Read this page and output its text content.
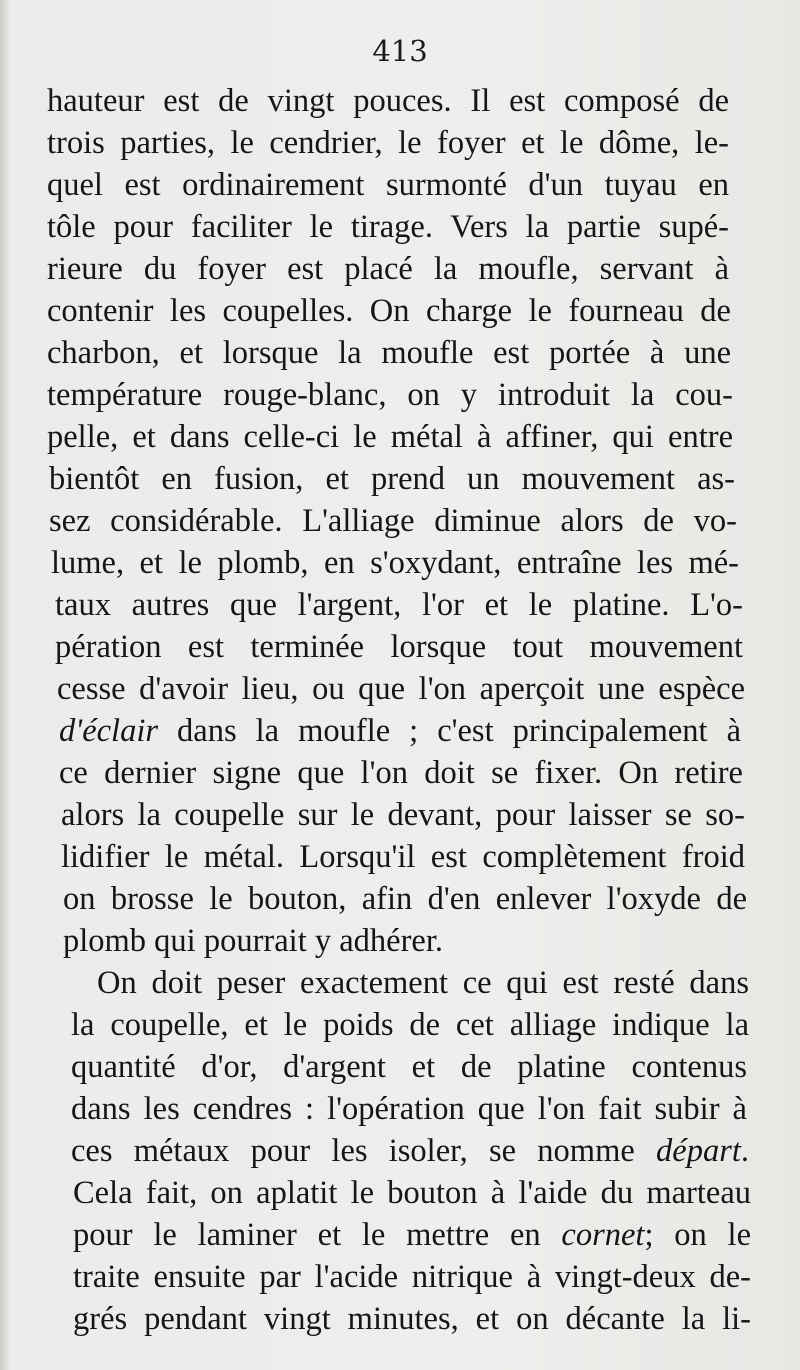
413
hauteur est de vingt pouces. Il est composé de
trois parties, le cendrier, le foyer et le dôme, le-
quel est ordinairement surmonté d'un tuyau en
tôle pour faciliter le tirage. Vers la partie supé-
rieure du foyer est placé la moufle, servant à
contenir les coupelles. On charge le fourneau de
charbon, et lorsque la moufle est portée à une
température rouge-blanc, on y introduit la cou-
pelle, et dans celle-ci le métal à affiner, qui entre
bientôt en fusion, et prend un mouvement as-
sez considérable. L'alliage diminue alors de vo-
lume, et le plomb, en s'oxydant, entraîne les mé-
taux autres que l'argent, l'or et le platine. L'o-
pération est terminée lorsque tout mouvement
cesse d'avoir lieu, ou que l'on aperçoit une espèce
d'éclair dans la moufle ; c'est principalement à
ce dernier signe que l'on doit se fixer. On retire
alors la coupelle sur le devant, pour laisser se so-
lidifier le métal. Lorsqu'il est complètement froid
on brosse le bouton, afin d'en enlever l'oxyde de
plomb qui pourrait y adhérer.
On doit peser exactement ce qui est resté dans
la coupelle, et le poids de cet alliage indique la
quantité d'or, d'argent et de platine contenus
dans les cendres : l'opération que l'on fait subir à
ces métaux pour les isoler, se nomme départ.
Cela fait, on aplatit le bouton à l'aide du marteau
pour le laminer et le mettre en cornet; on le
traite ensuite par l'acide nitrique à vingt-deux de-
grés pendant vingt minutes, et on décante la li-
